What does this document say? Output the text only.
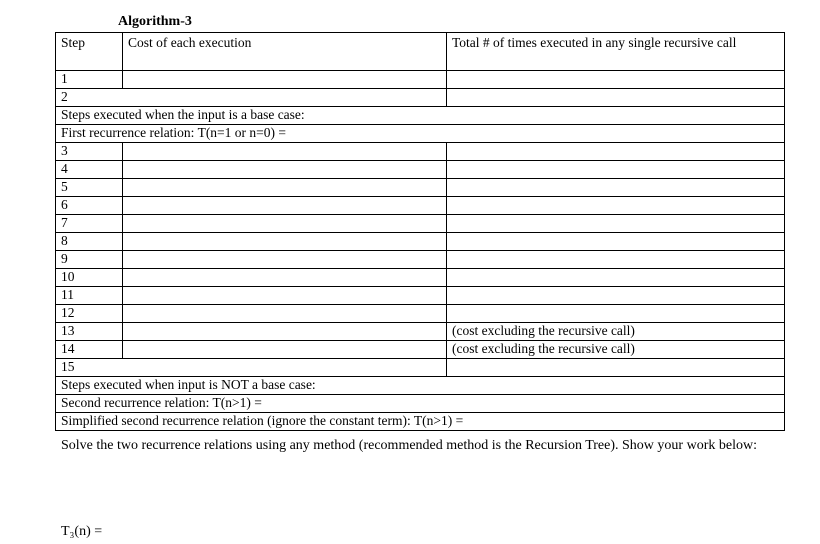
Algorithm-3
Step	Cost of each execution	Total # of times executed in any single recursive call
1		
2		
Steps executed when the input is a base case:		
First recurrence relation: T(n=1 or n=0) =		
3		
4		
5		
6		
7		
8		
9		
10		
11		
12		
13		(cost excluding the recursive call)
14		(cost excluding the recursive call)
15		
Steps executed when input is NOT a base case:		
Second recurrence relation: T(n>1) =		
Simplified second recurrence relation (ignore the constant term): T(n>1) =		
Solve the two recurrence relations using any method (recommended method is the Recursion Tree). Show your work below:
T₃(n) =
